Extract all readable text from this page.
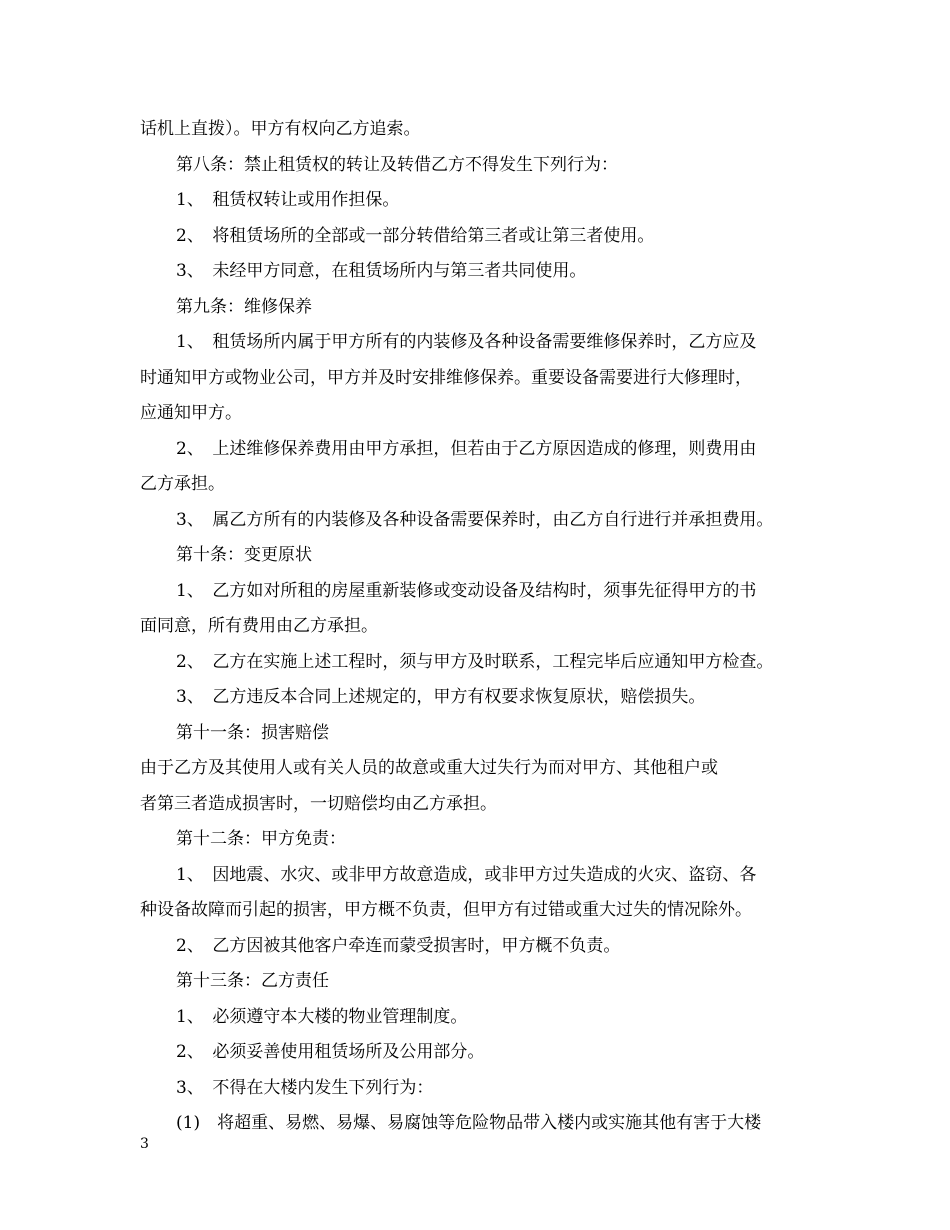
话机上直拨）。甲方有权向乙方追索。

第八条：禁止租赁权的转让及转借乙方不得发生下列行为：

1、　租赁权转让或用作担保。

2、　将租赁场所的全部或一部分转借给第三者或让第三者使用。

3、　未经甲方同意，在租赁场所内与第三者共同使用。

第九条：维修保养

1、　租赁场所内属于甲方所有的内装修及各种设备需要维修保养时，乙方应及

时通知甲方或物业公司，甲方并及时安排维修保养。重要设备需要进行大修理时，

应通知甲方。

2、　上述维修保养费用由甲方承担，但若由于乙方原因造成的修理，则费用由

乙方承担。

3、　属乙方所有的内装修及各种设备需要保养时，由乙方自行进行并承担费用。

第十条：变更原状

1、　乙方如对所租的房屋重新装修或变动设备及结构时，须事先征得甲方的书

面同意，所有费用由乙方承担。

2、　乙方在实施上述工程时，须与甲方及时联系，工程完毕后应通知甲方检查。

3、　乙方违反本合同上述规定的，甲方有权要求恢复原状，赔偿损失。

第十一条：损害赔偿

由于乙方及其使用人或有关人员的故意或重大过失行为而对甲方、其他租户或

者第三者造成损害时，一切赔偿均由乙方承担。

第十二条：甲方免责：

1、　因地震、水灾、或非甲方故意造成，或非甲方过失造成的火灾、盗窃、各

种设备故障而引起的损害，甲方概不负责，但甲方有过错或重大过失的情况除外。

2、　乙方因被其他客户牵连而蒙受损害时，甲方概不负责。

第十三条：乙方责任

1、　必须遵守本大楼的物业管理制度。

2、　必须妥善使用租赁场所及公用部分。

3、　不得在大楼内发生下列行为：

(1)　将超重、易燃、易爆、易腐蚀等危险物品带入楼内或实施其他有害于大楼

3
